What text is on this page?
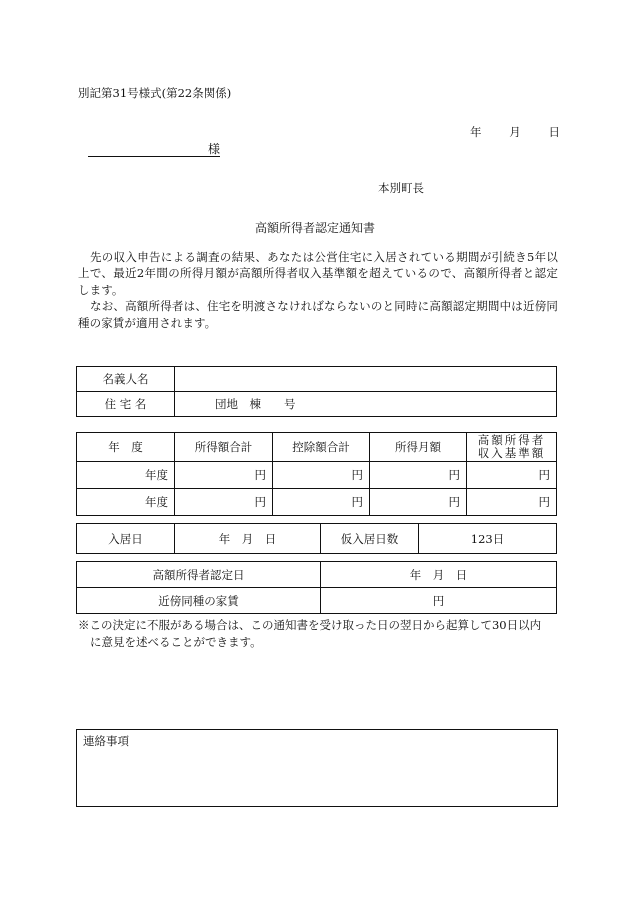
別記第31号様式(第22条関係)
年 月 日
様
本別町長
高額所得者認定通知書

先の収入申告による調査の結果、あなたは公営住宅に入居されている期間が引続き5年以上で、最近2年間の所得月額が高額所得者収入基準額を超えているので、高額所得者と認定します。

なお、高額所得者は、住宅を明渡さなければならないのと同時に高額認定期間中は近傍同種の家賃が適用されます。

名義人名	
住 宅 名	団地　棟　　号
年　度	所得額合計	控除額合計	所得月額	高額所得者
収入基準額

年度	円	円	円	円
年度	円	円	円	円
入居日	年　月　日	仮入居日数	123日
高額所得者認定日	年　月　日
近傍同種の家賃	円
※この決定に不服がある場合は、この通知書を受け取った日の翌日から起算して30日以内
に意見を述べることができます。
連絡事項
